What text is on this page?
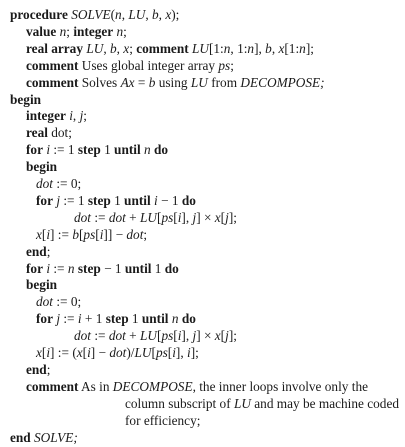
procedure SOLVE(n, LU, b, x);
value n; integer n;
real array LU, b, x; comment LU[1:n, 1:n], b, x[1:n];
comment Uses global integer array ps;
comment Solves Ax = b using LU from DECOMPOSE;
begin
integer i, j;
real dot;
for i := 1 step 1 until n do
begin
dot := 0;
for j := 1 step 1 until i − 1 do
dot := dot + LU[ps[i], j] × x[j];
x[i] := b[ps[i]] − dot;
end;
for i := n step − 1 until 1 do
begin
dot := 0;
for j := i + 1 step 1 until n do
dot := dot + LU[ps[i], j] × x[j];
x[i] := (x[i] − dot)/LU[ps[i], i];
end;
comment As in DECOMPOSE, the inner loops involve only the
column subscript of LU and may be machine coded
for efficiency;
end SOLVE;
